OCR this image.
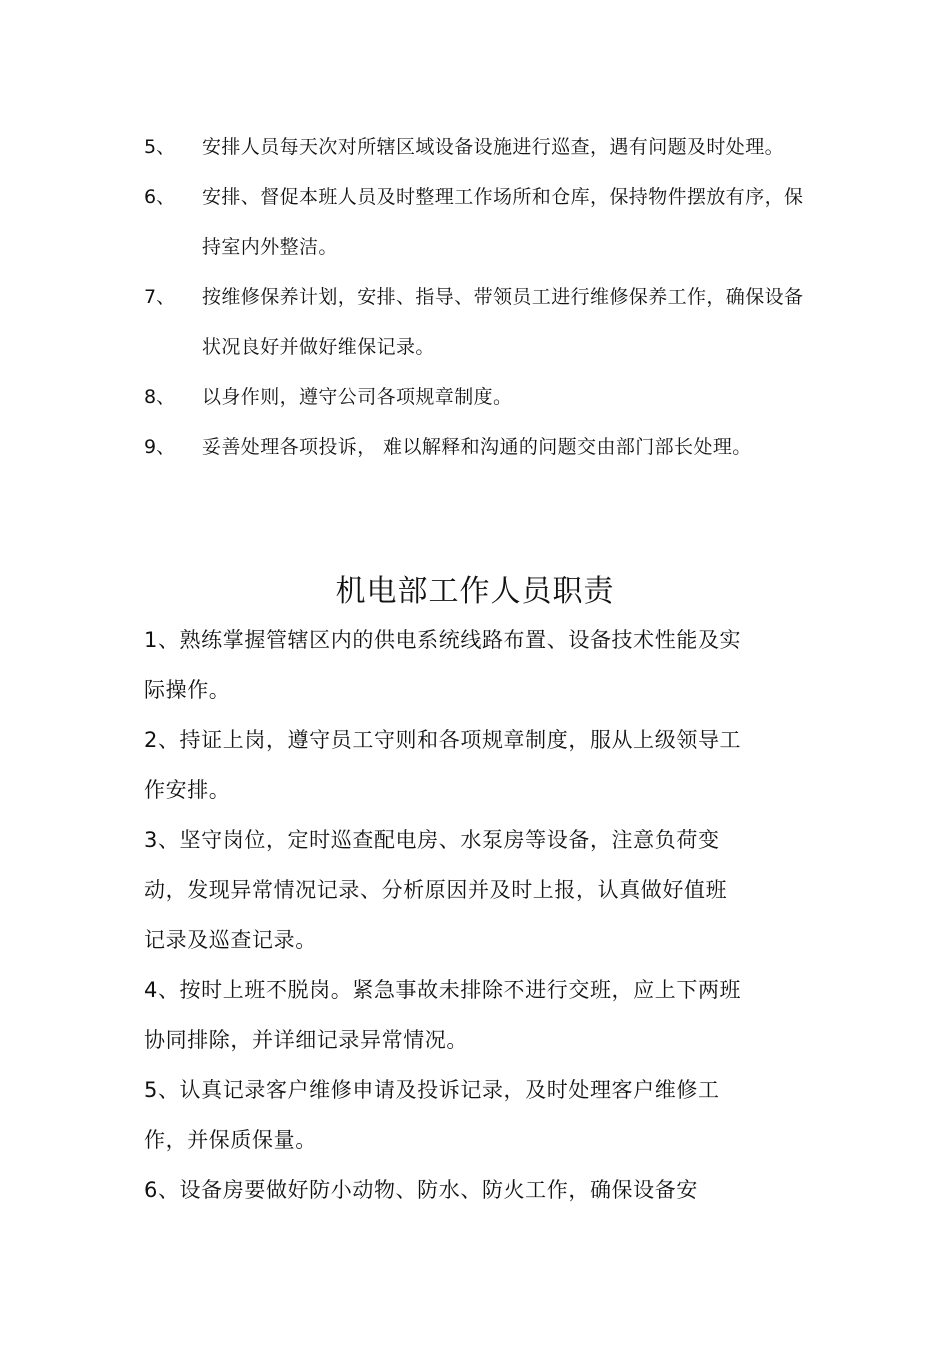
5、	安排人员每天次对所辖区域设备设施进行巡查，遇有问题及时处理。
6、	安排、督促本班人员及时整理工作场所和仓库，保持物件摆放有序，保持室内外整洁。
7、	按维修保养计划，安排、指导、带领员工进行维修保养工作，确保设备状况良好并做好维保记录。
8、	以身作则，遵守公司各项规章制度。
9、	妥善处理各项投诉， 难以解释和沟通的问题交由部门部长处理。
机电部工作人员职责

1、熟练掌握管辖区内的供电系统线路布置、设备技术性能及实际操作。

2、持证上岗，遵守员工守则和各项规章制度，服从上级领导工作安排。

3、坚守岗位，定时巡查配电房、水泵房等设备，注意负荷变动，发现异常情况记录、分析原因并及时上报，认真做好值班记录及巡查记录。

4、按时上班不脱岗。紧急事故未排除不进行交班，应上下两班协同排除，并详细记录异常情况。

5、认真记录客户维修申请及投诉记录，及时处理客户维修工作，并保质保量。

6、设备房要做好防小动物、防水、防火工作，确保设备安
